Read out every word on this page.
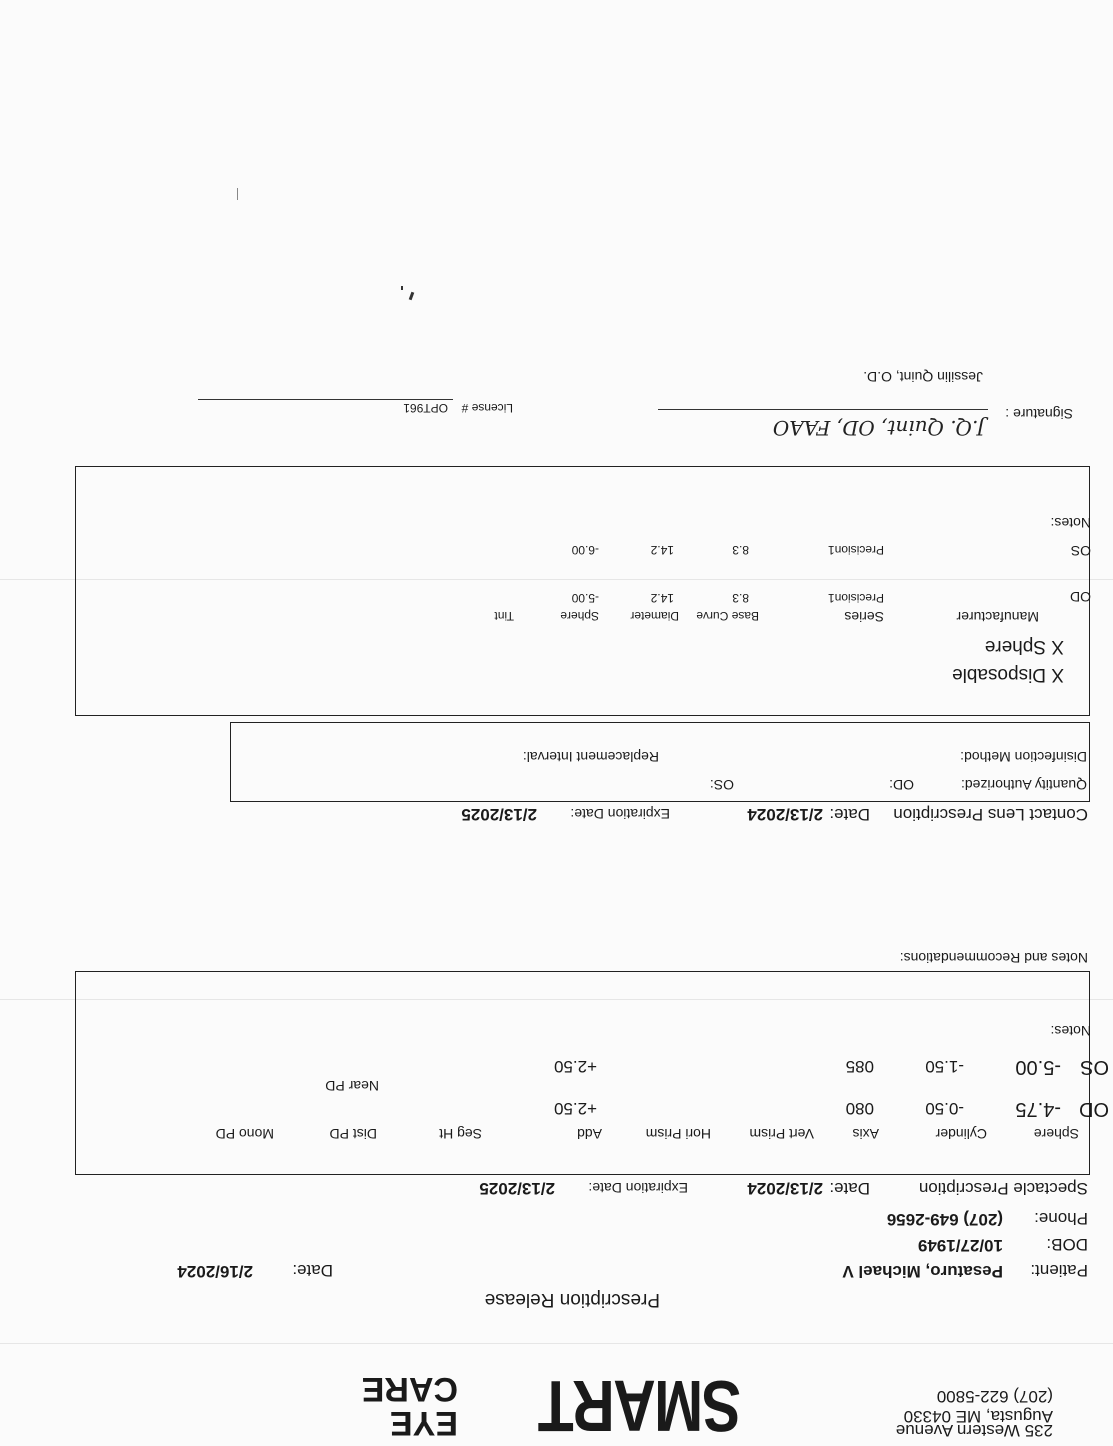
235 Western Avenue
Augusta, ME 04330
(207) 622-5800
SMART
EYE
CARE
Prescription Release
Patient:
Pesaturo, Michael V
Date:
2/16/2024
DOB:
10/27/1949
Phone:
(207) 649-2656
Spectacle Prescription
Date:
2/13/2024
Expiration Date:
2/13/2025
Sphere
Cylinder
Axis
Vert Prism
Hori Prism
Add
Seg Ht
Dist PD
Mono PD
OD
-4.75
-0.50
080
+2.50
Near PD
OS
-5.00
-1.50
085
+2.50
Notes:
Notes and Recommendations:
Contact Lens Prescription
Date:
2/13/2024
Expiration Date:
2/13/2025
Quantity Authorized:
OD:
OS:
Disinfection Method:
Replacement Interval:
X Disposable
X Sphere
Manufacturer
Series
Base Curve
Diameter
Sphere
Tint
OD
Precision1
8.3
14.2
-5.00
OS
Precision1
8.3
14.2
-6.00
Notes:
Signature :
J.Q. Quint, OD, FAAO
License #
OPT961
Jessilin Quint, O.D.
